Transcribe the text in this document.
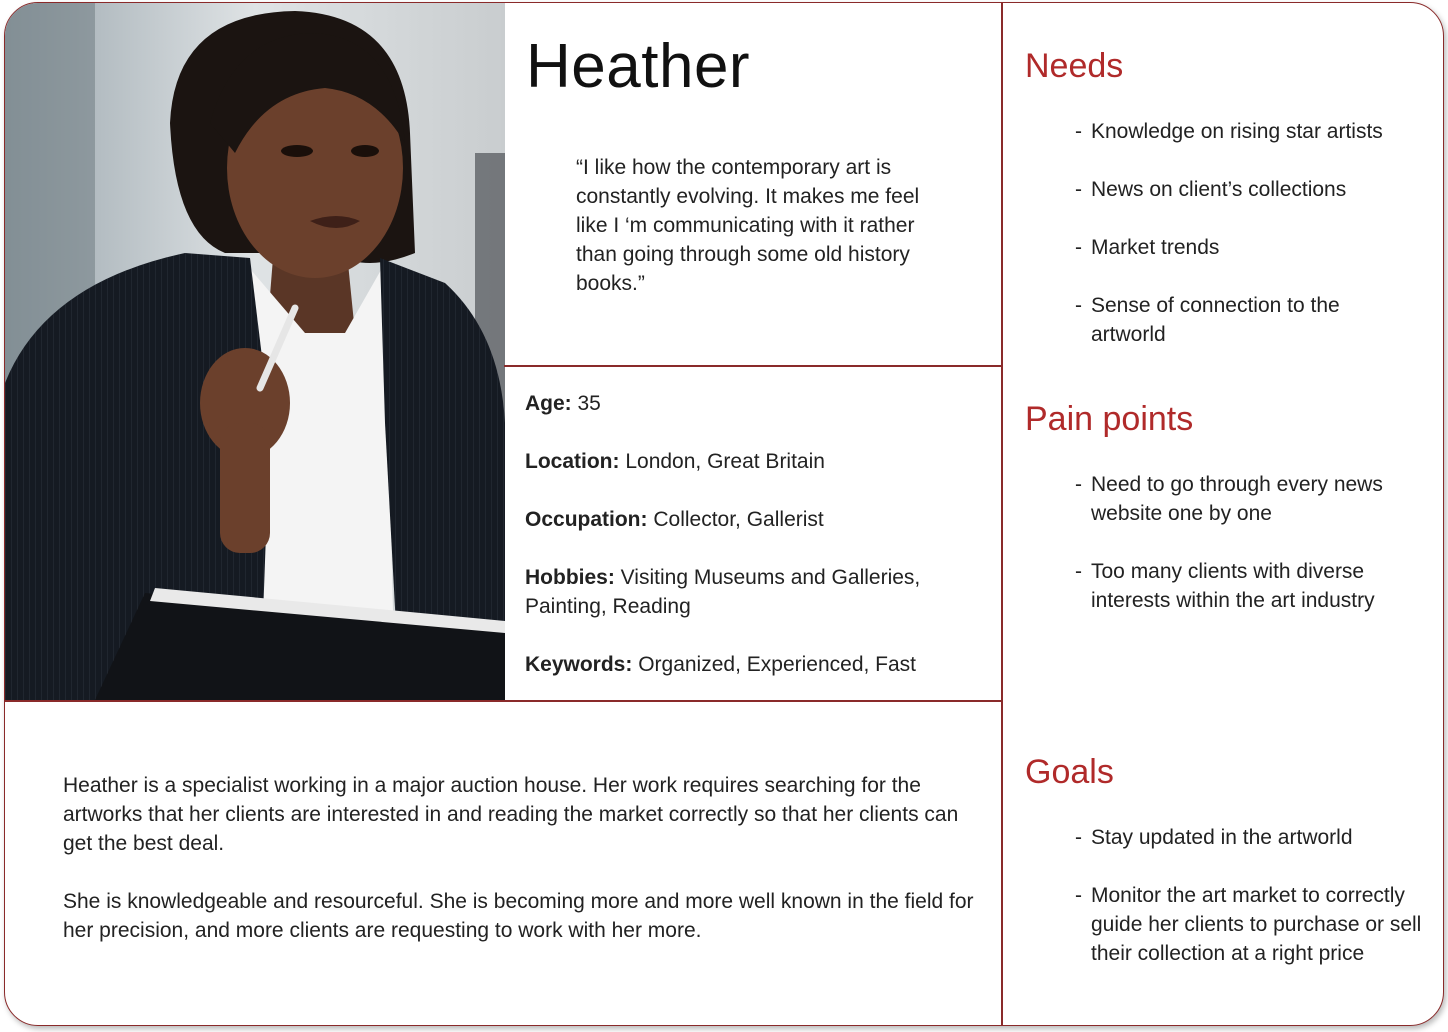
Heather
“I like how the contemporary art is constantly evolving. It makes me feel like I ‘m communicating with it rather than going through some old history books.”
Age: 35
Location: London, Great Britain
Occupation: Collector, Gallerist
Hobbies: Visiting Museums and Galleries, Painting, Reading
Keywords: Organized, Experienced, Fast

Heather is a specialist working in a major auction house. Her work requires searching for the artworks that her clients are interested in and reading the market correctly so that her clients can get the best deal.

She is knowledgeable and resourceful. She is becoming more and more well known in the field for her precision, and more clients are requesting to work with her more.

Needs
- Knowledge on rising star artists
- News on client’s collections
- Market trends
- Sense of connection to the artworld
Pain points
- Need to go through every news website one by one
- Too many clients with diverse interests within the art industry
Goals
- Stay updated in the artworld
- Monitor the art market to correctly guide her clients to purchase or sell their collection at a right price
